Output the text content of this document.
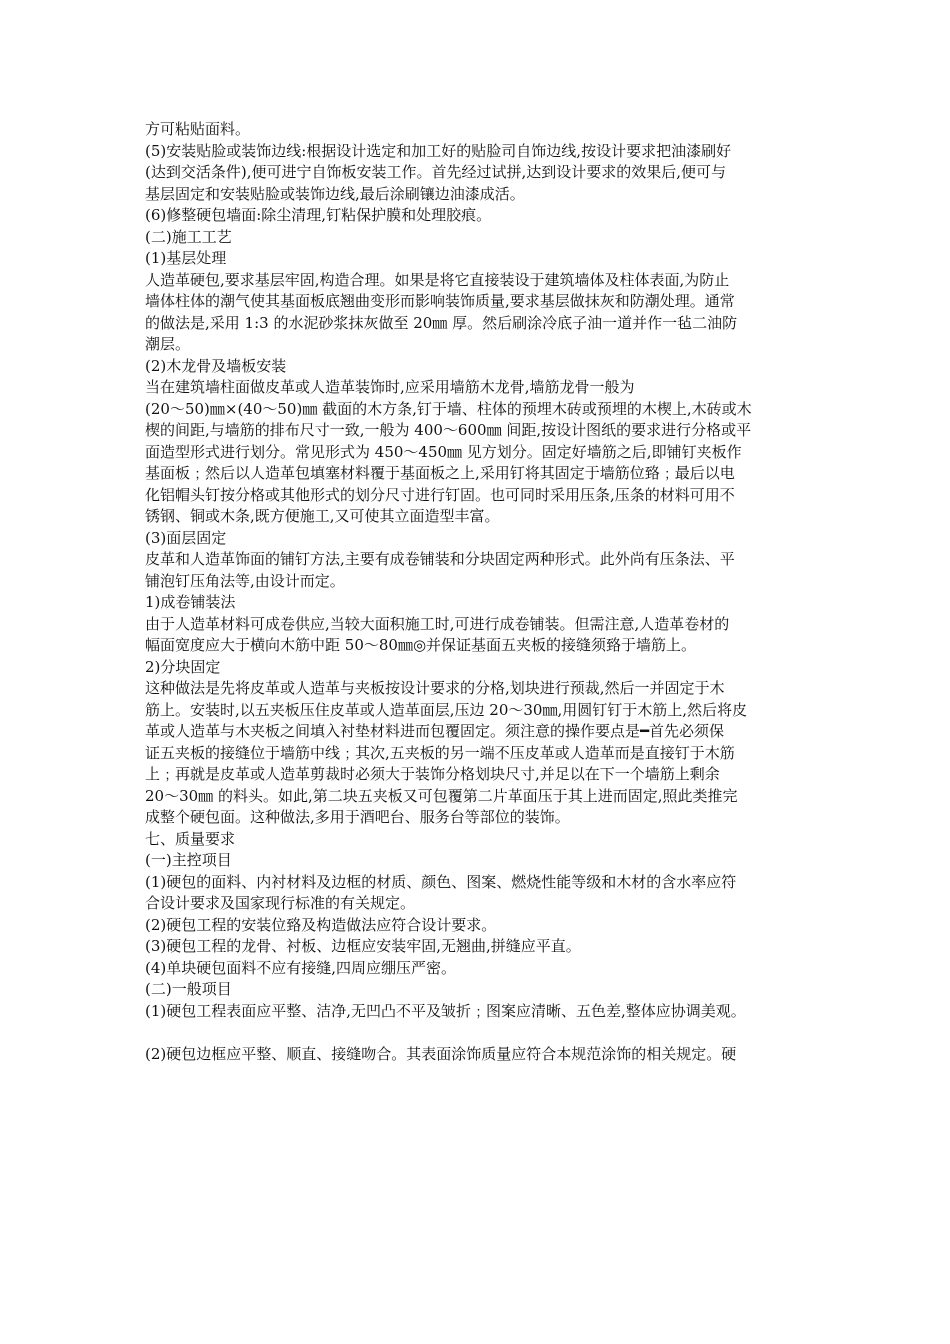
方可粘贴面料。
(5)安装贴脸或装饰边线:根据设计选定和加工好的贴脸司自饰边线,按设计要求把油漆刷好
(达到交活条件),便可进宁自饰板安装工作。首先经过试拼,达到设计要求的效果后,便可与
基层固定和安装贴脸或装饰边线,最后涂刷镶边油漆成活。
(6)修整硬包墙面:除尘清理,钉粘保护膜和处理胶痕。
(二)施工工艺
(1)基层处理
人造革硬包,要求基层牢固,构造合理。如果是将它直接装设于建筑墙体及柱体表面,为防止
墙体柱体的潮气使其基面板底翘曲变形而影响装饰质量,要求基层做抹灰和防潮处理。通常
的做法是,采用 1:3 的水泥砂浆抹灰做至 20㎜ 厚。然后刷涂冷底子油一道并作一毡二油防
潮层。
(2)木龙骨及墙板安装
当在建筑墙柱面做皮革或人造革装饰时,应采用墙筋木龙骨,墙筋龙骨一般为
(20～50)㎜×(40～50)㎜ 截面的木方条,钉于墙、柱体的预埋木砖或预埋的木楔上,木砖或木
楔的间距,与墙筋的排布尺寸一致,一般为 400～600㎜ 间距,按设计图纸的要求进行分格或平
面造型形式进行划分。常见形式为 450～450㎜ 见方划分。固定好墙筋之后,即铺钉夹板作
基面板﹔然后以人造革包填塞材料覆于基面板之上,采用钉将其固定于墙筋位臵﹔最后以电
化铝帽头钉按分格或其他形式的划分尺寸进行钉固。也可同时采用压条,压条的材料可用不
锈钢、铜或木条,既方便施工,又可使其立面造型丰富。
(3)面层固定
皮革和人造革饰面的铺钉方法,主要有成卷铺装和分块固定两种形式。此外尚有压条法、平
铺泡钉压角法等,由设计而定。
1)成卷铺装法
由于人造革材料可成卷供应,当较大面积施工时,可进行成卷铺装。但需注意,人造革卷材的
幅面宽度应大于横向木筋中距 50～80㎜◎并保证基面五夹板的接缝须臵于墙筋上。
2)分块固定
这种做法是先将皮革或人造革与夹板按设计要求的分格,划块进行预裁,然后一并固定于木
筋上。安装时,以五夹板压住皮革或人造革面层,压边 20～30㎜,用圆钉钉于木筋上,然后将皮
革或人造革与木夹板之间填入衬垫材料进而包覆固定。须注意的操作要点是━首先必须保
证五夹板的接缝位于墙筋中线﹔其次,五夹板的另一端不压皮革或人造革而是直接钉于木筋
上﹔再就是皮革或人造革剪裁时必须大于装饰分格划块尺寸,并足以在下一个墙筋上剩余
20～30㎜ 的料头。如此,第二块五夹板又可包覆第二片革面压于其上进而固定,照此类推完
成整个硬包面。这种做法,多用于酒吧台、服务台等部位的装饰。
七、质量要求
(一)主控项目
(1)硬包的面料、内衬材料及边框的材质、颜色、图案、燃烧性能等级和木材的含水率应符
合设计要求及国家现行标准的有关规定。
(2)硬包工程的安装位臵及构造做法应符合设计要求。
(3)硬包工程的龙骨、衬板、边框应安装牢固,无翘曲,拼缝应平直。
(4)单块硬包面料不应有接缝,四周应绷压严密。
(二)一般项目
(1)硬包工程表面应平整、洁净,无凹凸不平及皱折﹔图案应清晰、五色差,整体应协调美观。
(2)硬包边框应平整、顺直、接缝吻合。其表面涂饰质量应符合本规范涂饰的相关规定。硬
